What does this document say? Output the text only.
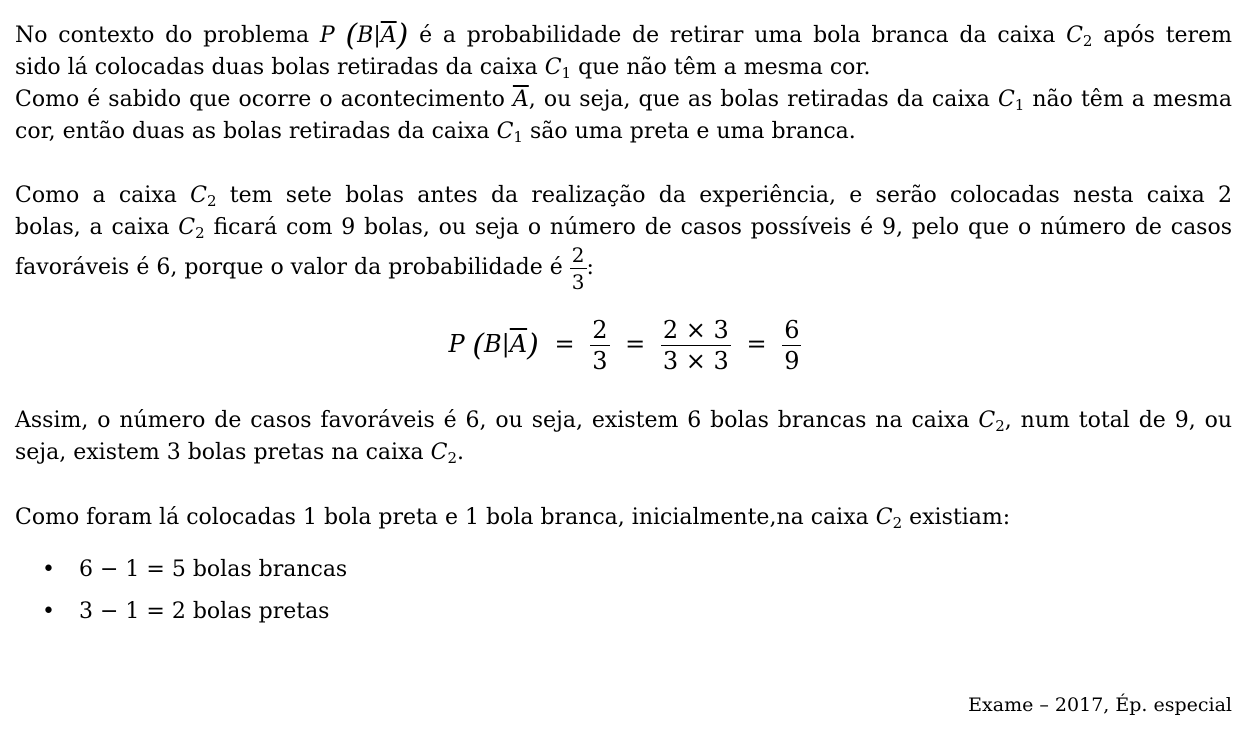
No contexto do problema P $(B|\overline{A})$ é a probabilidade de retirar uma bola branca da caixa $C_2$ após terem
sido lá colocadas duas bolas retiradas da caixa $C_1$ que não têm a mesma cor.
Como é sabido que ocorre o acontecimento $\overline{A}$, ou seja, que as bolas retiradas da caixa $C_1$ não têm a mesma
cor, então duas as bolas retiradas da caixa $C_1$ são uma preta e uma branca.
Como a caixa $C_2$ tem sete bolas antes da realização da experiência, e serão colocadas nesta caixa 2
bolas, a caixa $C_2$ ficará com 9 bolas, ou seja o número de casos possíveis é 9, pelo que o número de casos
favoráveis é 6, porque o valor da probabilidade é $\frac{2}{3}$ :
P $(B|\overline{A}) = \frac{2}{3} = \frac{2 \times 3}{3 \times 3} = \frac{6}{9}$
Assim, o número de casos favoráveis é 6, ou seja, existem 6 bolas brancas na caixa $C_2$, num total de 9, ou
seja, existem 3 bolas pretas na caixa $C_2$.
Como foram lá colocadas 1 bola preta e 1 bola branca, inicialmente,na caixa $C_2$ existiam:
• 6 − 1 = 5 bolas brancas
• 3 − 1 = 2 bolas pretas
Exame – 2017, Ép. especial
